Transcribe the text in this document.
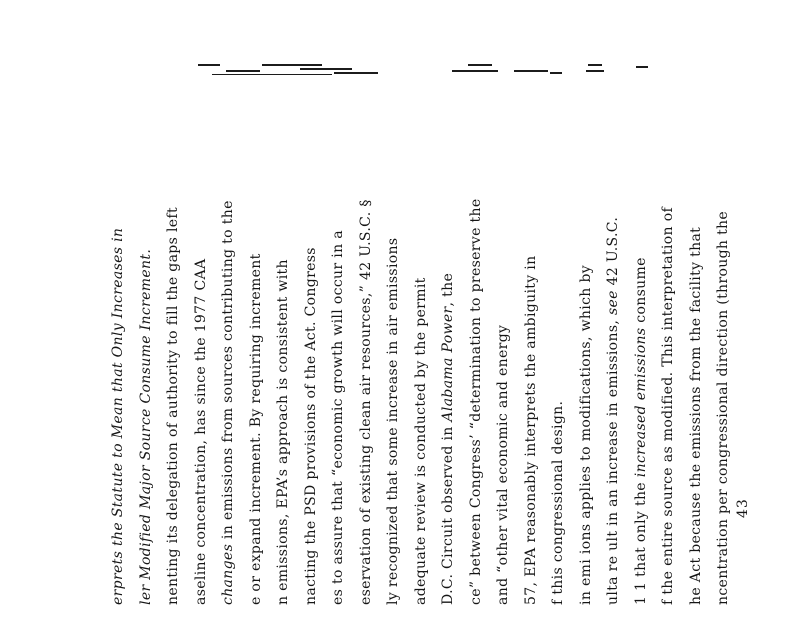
erprets the Statute to Mean that Only Increases in ler Modified Major Source Consume Increment. nenting its delegation of authority to fill the gaps left aseline concentration, has since the 1977 CAA changes in emissions from sources contributing to the e or expand increment. By requiring increment n emissions, EPA’s approach is consistent with nacting the PSD provisions of the Act. Congress es to assure that “economic growth will occur in a eservation of existing clean air resources,” 42 U.S.C. § ly recognized that some increase in air emissions adequate review is conducted by the permit D.C. Circuit observed in Alabama Power, the ce” between Congress’ “determination to preserve the and “other vital economic and energy 57, EPA reasonably interprets the ambiguity in f this congressional design. in emi ions applies to modifications, which by ulta re ult in an increase in emissions, see 42 U.S.C.
1 1 that only the increased emissions consume f the entire source as modified. This interpretation of he Act because the emissions from the facility that ncentration per congressional direction (through the 43
